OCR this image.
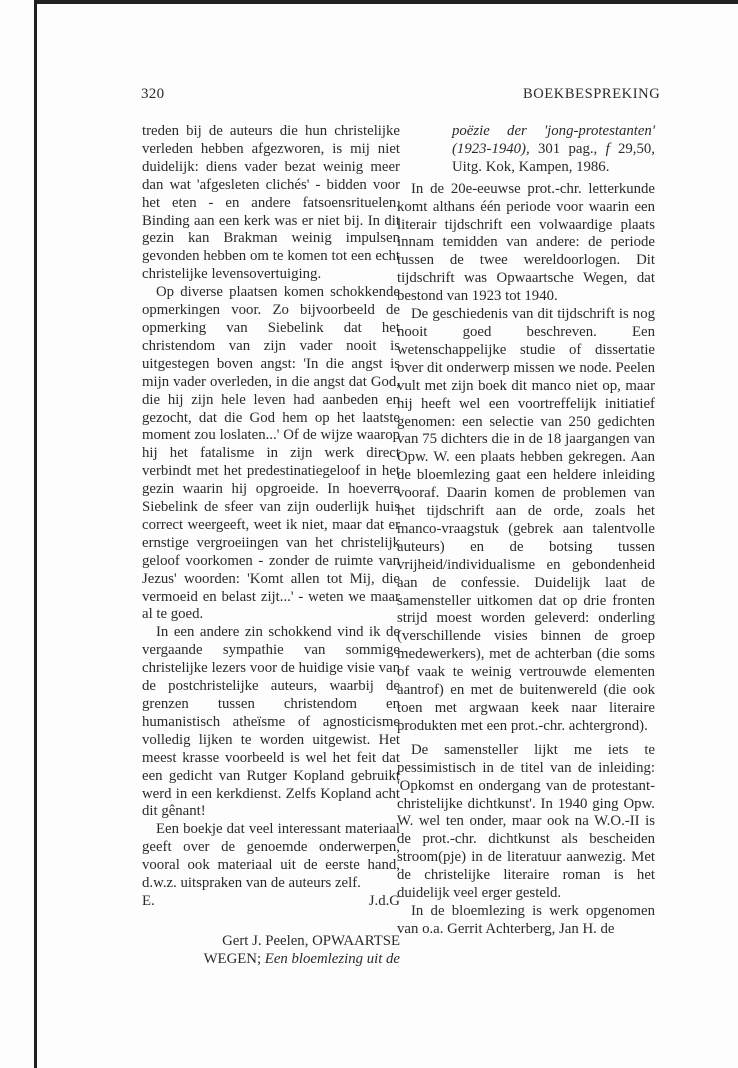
320	BOEKBESPREKING

treden bij de auteurs die hun christelijke verleden hebben afgezworen, is mij niet duidelijk: diens vader bezat weinig meer dan wat 'afgesleten clichés' - bidden voor het eten - en andere fatsoensrituelen. Binding aan een kerk was er niet bij. In dit gezin kan Brakman weinig impulsen gevonden hebben om te komen tot een echt christelijke levensovertuiging.

Op diverse plaatsen komen schokkende opmerkingen voor. Zo bijvoorbeeld de opmerking van Siebelink dat het christendom van zijn vader nooit is uitgestegen boven angst: 'In die angst is mijn vader overleden, in die angst dat God, die hij zijn hele leven had aanbeden en gezocht, dat die God hem op het laatste moment zou loslaten...' Of de wijze waarop hij het fatalisme in zijn werk direct verbindt met het predestinatiegeloof in het gezin waarin hij opgroeide. In hoeverre Siebelink de sfeer van zijn ouderlijk huis correct weergeeft, weet ik niet, maar dat er ernstige vergroeiingen van het christelijk geloof voorkomen - zonder de ruimte van Jezus' woorden: 'Komt allen tot Mij, die vermoeid en belast zijt...' - weten we maar al te goed.

In een andere zin schokkend vind ik de vergaande sympathie van sommige christelijke lezers voor de huidige visie van de postchristelijke auteurs, waarbij de grenzen tussen christendom en humanistisch atheïsme of agnosticisme volledig lijken te worden uitgewist. Het meest krasse voorbeeld is wel het feit dat een gedicht van Rutger Kopland gebruikt werd in een kerkdienst. Zelfs Kopland acht dit gênant!

Een boekje dat veel interessant materiaal geeft over de genoemde onderwerpen, vooral ook materiaal uit de eerste hand, d.w.z. uitspraken van de auteurs zelf.

E.	J.d.G

Gert J. Peelen, OPWAARTSE

WEGEN; Een bloemlezing uit de

poëzie der 'jong-protestanten' (1923-1940), 301 pag., f 29,50, Uitg. Kok, Kampen, 1986.

In de 20e-eeuwse prot.-chr. letterkunde komt althans één periode voor waarin een literair tijdschrift een volwaardige plaats innam temidden van andere: de periode tussen de twee wereldoorlogen. Dit tijdschrift was Opwaartsche Wegen, dat bestond van 1923 tot 1940.

De geschiedenis van dit tijdschrift is nog nooit goed beschreven. Een wetenschappelijke studie of dissertatie over dit onderwerp missen we node. Peelen vult met zijn boek dit manco niet op, maar hij heeft wel een voortreffelijk initiatief genomen: een selectie van 250 gedichten van 75 dichters die in de 18 jaargangen van Opw. W. een plaats hebben gekregen. Aan de bloemlezing gaat een heldere inleiding vooraf. Daarin komen de problemen van het tijdschrift aan de orde, zoals het manco-vraagstuk (gebrek aan talentvolle auteurs) en de botsing tussen vrijheid/individualisme en gebondenheid aan de confessie. Duidelijk laat de samensteller uitkomen dat op drie fronten strijd moest worden geleverd: onderling (verschillende visies binnen de groep medewerkers), met de achterban (die soms of vaak te weinig vertrouwde elementen aantrof) en met de buitenwereld (die ook toen met argwaan keek naar literaire produkten met een prot.-chr. achtergrond).

De samensteller lijkt me iets te pessimistisch in de titel van de inleiding: 'Opkomst en ondergang van de protestant-christelijke dichtkunst'. In 1940 ging Opw. W. wel ten onder, maar ook na W.O.-II is de prot.-chr. dichtkunst als bescheiden stroom(pje) in de literatuur aanwezig. Met de christelijke literaire roman is het duidelijk veel erger gesteld.

In de bloemlezing is werk opgenomen van o.a. Gerrit Achterberg, Jan H. de
